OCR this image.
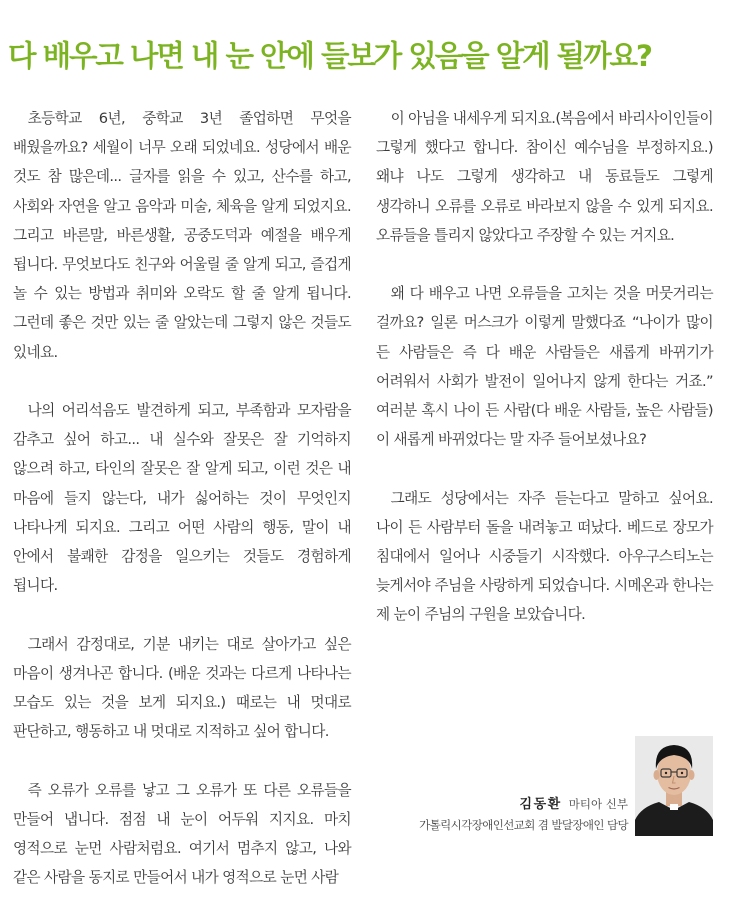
다 배우고 나면 내 눈 안에 들보가 있음을 알게 될까요?

초등학교 6년, 중학교 3년 졸업하면 무엇을 배웠을까요? 세월이 너무 오래 되었네요. 성당에서 배운 것도 참 많은데... 글자를 읽을 수 있고, 산수를 하고, 사회와 자연을 알고 음악과 미술, 체육을 알게 되었지요. 그리고 바른말, 바른생활, 공중도덕과 예절을 배우게 됩니다. 무엇보다도 친구와 어울릴 줄 알게 되고, 즐겁게 놀 수 있는 방법과 취미와 오락도 할 줄 알게 됩니다. 그런데 좋은 것만 있는 줄 알았는데 그렇지 않은 것들도 있네요.

나의 어리석음도 발견하게 되고, 부족함과 모자람을 감추고 싶어 하고... 내 실수와 잘못은 잘 기억하지 않으려 하고, 타인의 잘못은 잘 알게 되고, 이런 것은 내 마음에 들지 않는다, 내가 싫어하는 것이 무엇인지 나타나게 되지요. 그리고 어떤 사람의 행동, 말이 내 안에서 불쾌한 감정을 일으키는 것들도 경험하게 됩니다.

그래서 감정대로, 기분 내키는 대로 살아가고 싶은 마음이 생겨나곤 합니다. (배운 것과는 다르게 나타나는 모습도 있는 것을 보게 되지요.) 때로는 내 멋대로 판단하고, 행동하고 내 멋대로 지적하고 싶어 합니다.

즉 오류가 오류를 낳고 그 오류가 또 다른 오류들을 만들어 냅니다. 점점 내 눈이 어두워 지지요. 마치 영적으로 눈먼 사람처럼요. 여기서 멈추지 않고, 나와 같은 사람을 동지로 만들어서 내가 영적으로 눈먼 사람

이 아님을 내세우게 되지요.(복음에서 바리사이인들이 그렇게 했다고 합니다. 참이신 예수님을 부정하지요.) 왜냐 나도 그렇게 생각하고 내 동료들도 그렇게 생각하니 오류를 오류로 바라보지 않을 수 있게 되지요. 오류들을 틀리지 않았다고 주장할 수 있는 거지요.

왜 다 배우고 나면 오류들을 고치는 것을 머뭇거리는 걸까요? 일론 머스크가 이렇게 말했다죠 “나이가 많이 든 사람들은 즉 다 배운 사람들은 새롭게 바뀌기가 어려워서 사회가 발전이 일어나지 않게 한다는 거죠.” 여러분 혹시 나이 든 사람(다 배운 사람들, 높은 사람들)이 새롭게 바뀌었다는 말 자주 들어보셨나요?

그래도 성당에서는 자주 듣는다고 말하고 싶어요. 나이 든 사람부터 돌을 내려놓고 떠났다. 베드로 장모가 침대에서 일어나 시중들기 시작했다. 아우구스티노는 늦게서야 주님을 사랑하게 되었습니다. 시메온과 한나는 제 눈이 주님의 구원을 보았습니다.

김동환 마티아 신부
가톨릭시각장애인선교회 겸 발달장애인 담당
